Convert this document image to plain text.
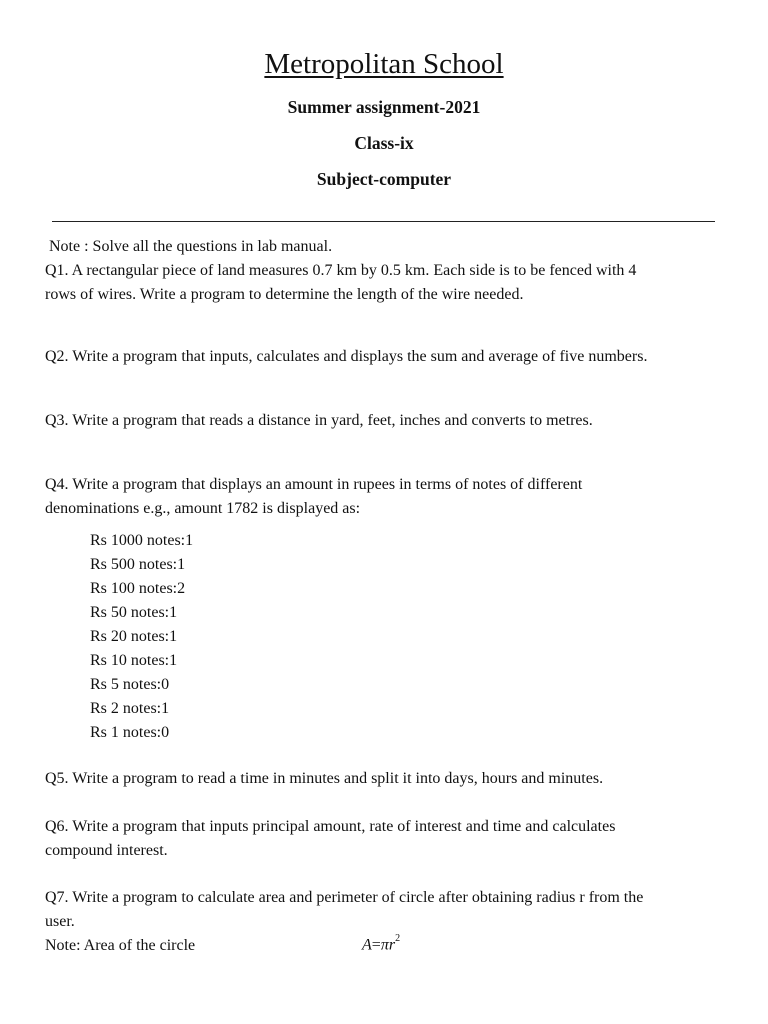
Metropolitan School
Summer assignment-2021
Class-ix
Subject-computer
Note : Solve all the questions in lab manual.
Q1. A rectangular piece of land measures 0.7 km by 0.5 km. Each side is to be fenced with 4
rows of wires. Write a program to determine the length of the wire needed.
Q2. Write a program that inputs, calculates and displays the sum and average of five numbers.
Q3. Write a program that reads a distance in yard, feet, inches and converts to metres.
Q4. Write a program that displays an amount in rupees in terms of notes of different
denominations e.g., amount 1782 is displayed as:
Rs 1000 notes:1
Rs 500 notes:1
Rs 100 notes:2
Rs 50 notes:1
Rs 20 notes:1
Rs 10 notes:1
Rs 5 notes:0
Rs 2 notes:1
Rs 1 notes:0
Q5. Write a program to read a time in minutes and split it into days, hours and minutes.
Q6. Write a program that inputs principal amount, rate of interest and time and calculates
compound interest.
Q7. Write a program to calculate area and perimeter of circle after obtaining radius r from the
user.
Note: Area of the circle	$A=\pi r^2$
